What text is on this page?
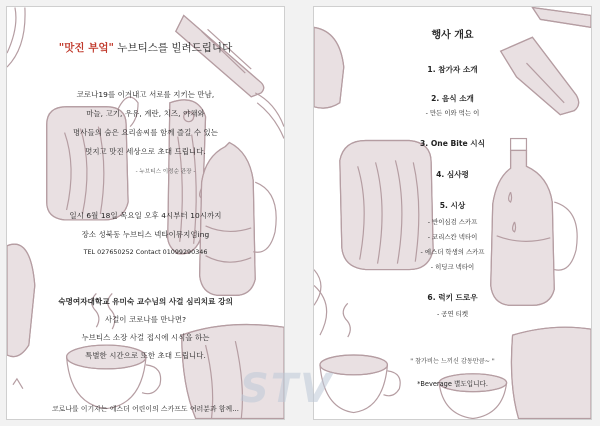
"맛진 부엌" 누브티스를 빌려드립니다
코로나19를 이겨내고 서로를 지키는 만남,
마늘, 고기, 우유, 계란, 치즈, 야채와
명사들의 숨은 요리솜씨를 함께 즐길 수 있는
멋지고 맛진 세상으로 초대 드립니다.
- 누브티스 이정순 관장 -
일시 6월 18일 목요일 오후 4시부터 10시까지
장소 성북동 누브티스 넥타이뮤지엄ing
TEL 027650252 Contact 01099290346
숙명여자대학교 유미숙 교수님의 사걸 심리치료 강의
사걸이 코로나를 만나면?
누브티스 소장 사걸 접시에 시식을 하는
특별한 시간으로 또한 초대 드립니다.
코로나를 이기자는 에스더 어린이의 스카프도 여러분과 함께...
행사 개요
1. 참가자 소개
2. 음식 소개
- 만든 이와 먹는 이
3. One Bite 시식
4. 심사평
5. 시상
- 반이심검 스카프
- 코리스칸 넥타이
- 에스더 학생의 스카프
- 히딩크 넥타이
6. 럭키 드로우
- 공연 티켓
" 참가비는 느끼신 감동만큼~ "
*Beverage 별도입니다.
STV
